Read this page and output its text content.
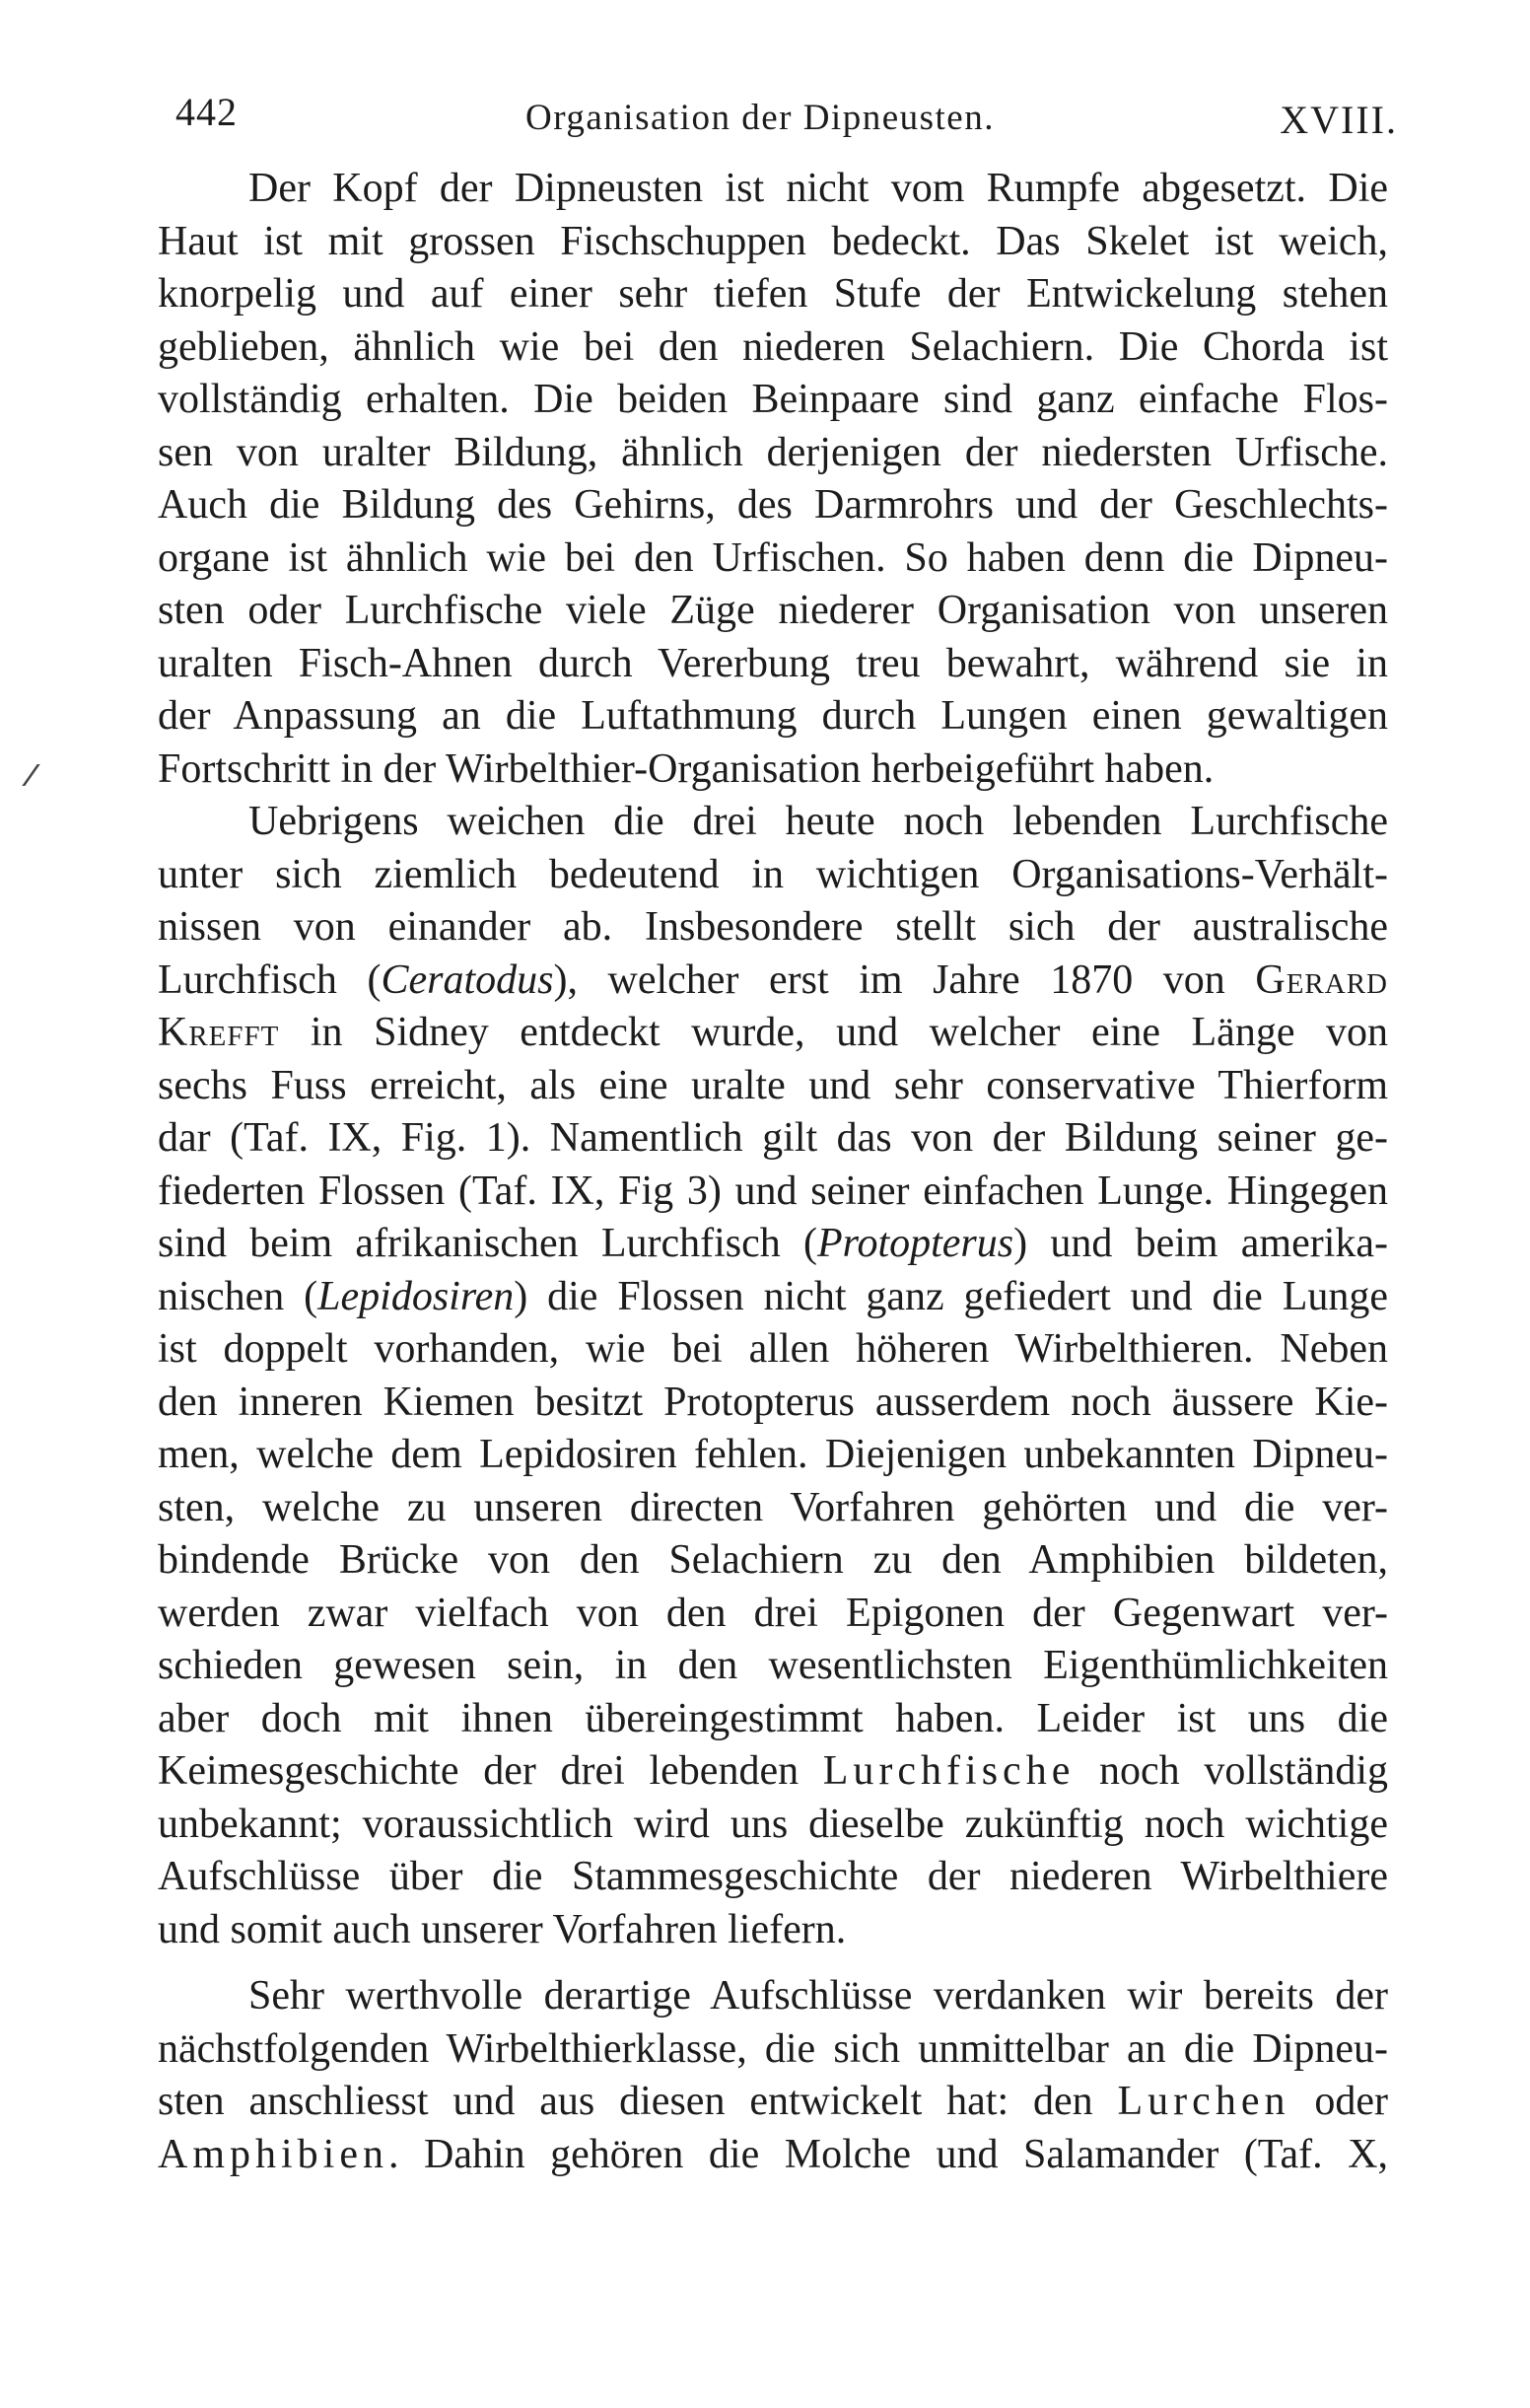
442	Organisation der Dipneusten.	XVIII.
Der Kopf der Dipneusten ist nicht vom Rumpfe abgesetzt. Die
Haut ist mit grossen Fischschuppen bedeckt. Das Skelet ist weich,
knorpelig und auf einer sehr tiefen Stufe der Entwickelung stehen
geblieben, ähnlich wie bei den niederen Selachiern. Die Chorda ist
vollständig erhalten. Die beiden Beinpaare sind ganz einfache Flos-
sen von uralter Bildung, ähnlich derjenigen der niedersten Urfische.
Auch die Bildung des Gehirns, des Darmrohrs und der Geschlechts-
organe ist ähnlich wie bei den Urfischen. So haben denn die Dipneu-
sten oder Lurchfische viele Züge niederer Organisation von unseren
uralten Fisch-Ahnen durch Vererbung treu bewahrt, während sie in
der Anpassung an die Luftathmung durch Lungen einen gewaltigen
Fortschritt in der Wirbelthier-Organisation herbeigeführt haben.
Uebrigens weichen die drei heute noch lebenden Lurchfische
unter sich ziemlich bedeutend in wichtigen Organisations-Verhält-
nissen von einander ab. Insbesondere stellt sich der australische
Lurchfisch (Ceratodus), welcher erst im Jahre 1870 von Gerard
Krefft in Sidney entdeckt wurde, und welcher eine Länge von
sechs Fuss erreicht, als eine uralte und sehr conservative Thierform
dar (Taf. IX, Fig. 1). Namentlich gilt das von der Bildung seiner ge-
fiederten Flossen (Taf. IX, Fig 3) und seiner einfachen Lunge. Hingegen
sind beim afrikanischen Lurchfisch (Protopterus) und beim amerika-
nischen (Lepidosiren) die Flossen nicht ganz gefiedert und die Lunge
ist doppelt vorhanden, wie bei allen höheren Wirbelthieren. Neben
den inneren Kiemen besitzt Protopterus ausserdem noch äussere Kie-
men, welche dem Lepidosiren fehlen. Diejenigen unbekannten Dipneu-
sten, welche zu unseren directen Vorfahren gehörten und die ver-
bindende Brücke von den Selachiern zu den Amphibien bildeten,
werden zwar vielfach von den drei Epigonen der Gegenwart ver-
schieden gewesen sein, in den wesentlichsten Eigenthümlichkeiten
aber doch mit ihnen übereingestimmt haben. Leider ist uns die
Keimesgeschichte der drei lebenden Lurchfische noch vollständig
unbekannt; voraussichtlich wird uns dieselbe zukünftig noch wichtige
Aufschlüsse über die Stammesgeschichte der niederen Wirbelthiere
und somit auch unserer Vorfahren liefern.
Sehr werthvolle derartige Aufschlüsse verdanken wir bereits der
nächstfolgenden Wirbelthierklasse, die sich unmittelbar an die Dipneu-
sten anschliesst und aus diesen entwickelt hat: den Lurchen oder
Amphibien. Dahin gehören die Molche und Salamander (Taf. X,
